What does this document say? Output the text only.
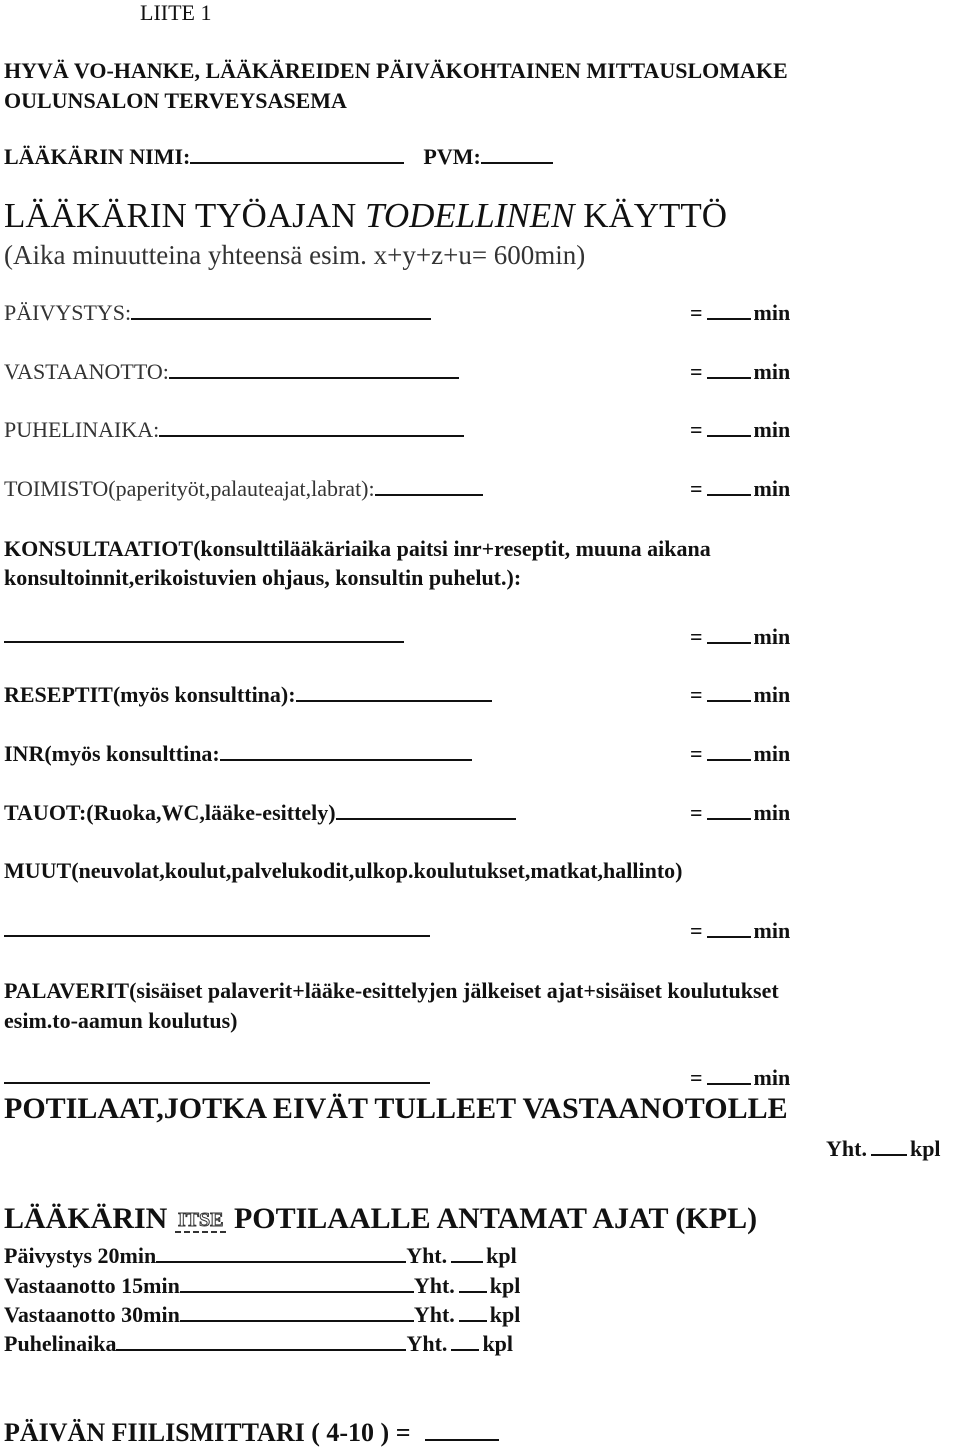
LIITE 1
HYVÄ VO-HANKE, LÄÄKÄREIDEN PÄIVÄKOHTAINEN MITTAUSLOMAKE
OULUNSALON TERVEYSASEMA
LÄÄKÄRIN NIMI:	PVM:
LÄÄKÄRIN TYÖAJAN TODELLINEN KÄYTTÖ
(Aika minuutteina yhteensä esim. x+y+z+u= 600min)
PÄIVYSTYS:	= min
VASTAANOTTO:	= min
PUHELINAIKA:	= min
TOIMISTO(paperityöt,palauteajat,labrat):	= min
KONSULTAATIOT(konsulttilääkäriaika paitsi inr+reseptit, muuna aikana
konsultoinnit,erikoistuvien ohjaus, konsultin puhelut.):
= min
RESEPTIT(myös konsulttina):	= min
INR(myös konsulttina:	= min
TAUOT:(Ruoka,WC,lääke-esittely)	= min
MUUT(neuvolat,koulut,palvelukodit,ulkop.koulutukset,matkat,hallinto)
= min
PALAVERIT(sisäiset palaverit+lääke-esittelyjen jälkeiset ajat+sisäiset koulutukset
esim.to-aamun koulutus)
= min
POTILAAT,JOTKA EIVÄT TULLEET VASTAANOTOLLE
Yht. kpl
LÄÄKÄRIN ITSE POTILAALLE ANTAMAT AJAT (KPL)
Päivystys 20min	Yht. kpl
Vastaanotto 15min	Yht. kpl
Vastaanotto 30min	Yht. kpl
Puhelinaika	Yht. kpl
PÄIVÄN FIILISMITTARI ( 4-10 ) =
